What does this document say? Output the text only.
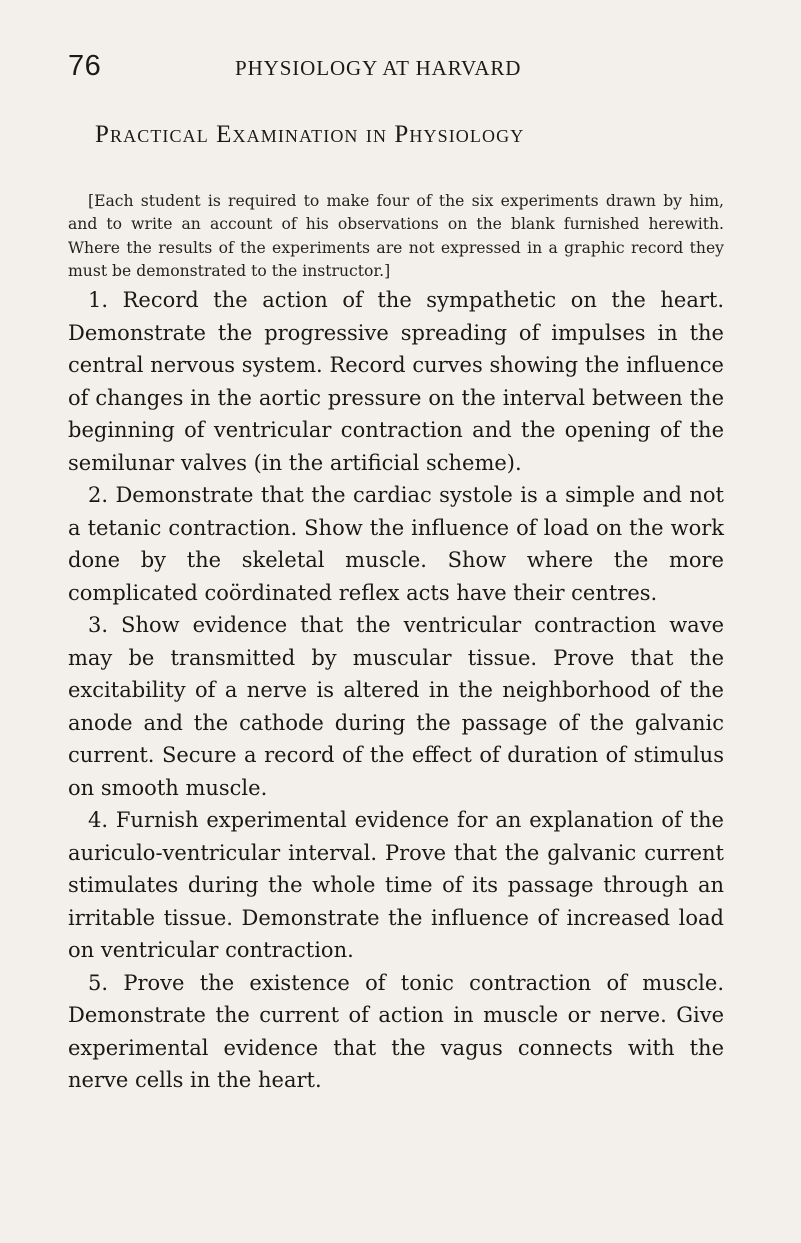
76	PHYSIOLOGY AT HARVARD
Practical Examination in Physiology

[Each student is required to make four of the six experiments drawn by him, and to write an account of his observations on the blank furnished herewith. Where the results of the experiments are not expressed in a graphic record they must be demonstrated to the instructor.]

1. Record the action of the sympathetic on the heart. Demonstrate the progressive spreading of impulses in the central nervous system. Record curves showing the influence of changes in the aortic pressure on the interval between the beginning of ventricular contraction and the opening of the semilunar valves (in the artificial scheme).

2. Demonstrate that the cardiac systole is a simple and not a tetanic contraction. Show the influence of load on the work done by the skeletal muscle. Show where the more complicated coördinated reflex acts have their centres.

3. Show evidence that the ventricular contraction wave may be transmitted by muscular tissue. Prove that the excitability of a nerve is altered in the neighborhood of the anode and the cathode during the passage of the galvanic current. Secure a record of the effect of duration of stimulus on smooth muscle.

4. Furnish experimental evidence for an explanation of the auriculo-ventricular interval. Prove that the galvanic current stimulates during the whole time of its passage through an irritable tissue. Demonstrate the influence of increased load on ventricular contraction.

5. Prove the existence of tonic contraction of muscle. Demonstrate the current of action in muscle or nerve. Give experimental evidence that the vagus connects with the nerve cells in the heart.
